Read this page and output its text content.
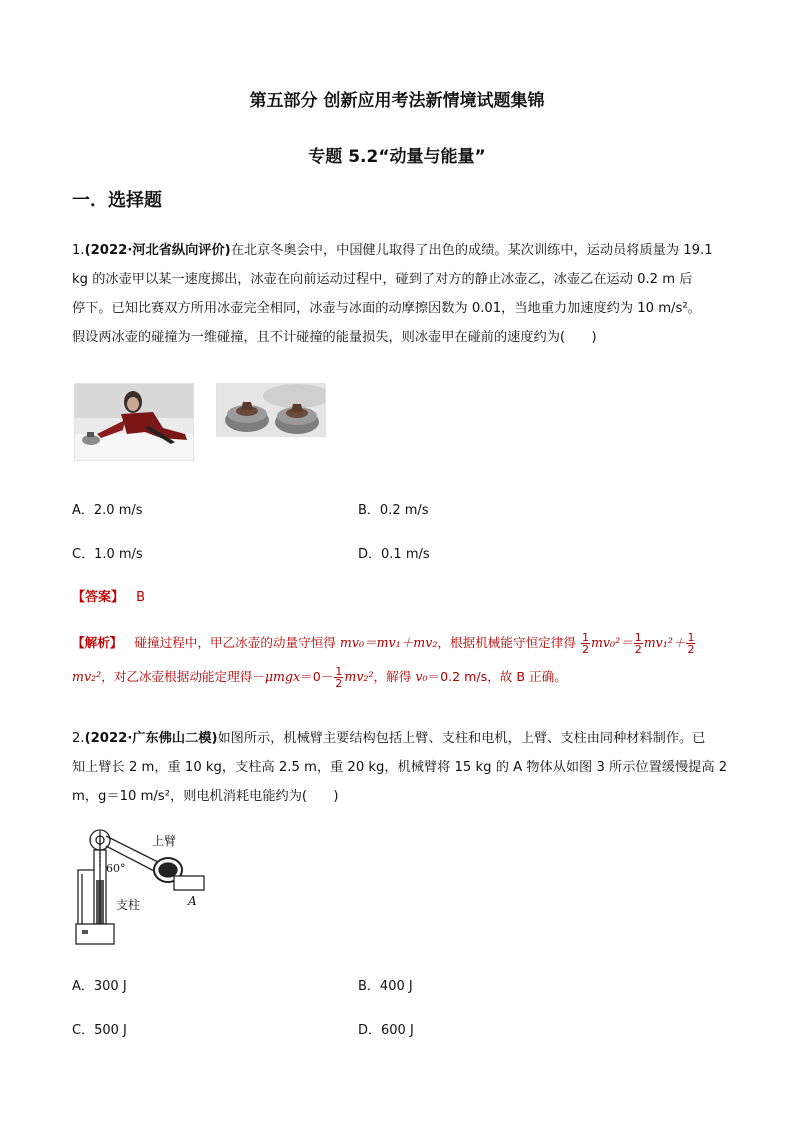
第五部分 创新应用考法新情境试题集锦
专题 5.2“动量与能量”
一．选择题
1.(2022·河北省纵向评价)在北京冬奥会中，中国健儿取得了出色的成绩。某次训练中，运动员将质量为 19.1
kg 的冰壶甲以某一速度掷出，冰壶在向前运动过程中，碰到了对方的静止冰壶乙，冰壶乙在运动 0.2 m 后
停下。已知比赛双方所用冰壶完全相同，冰壶与冰面的动摩擦因数为 0.01，当地重力加速度约为 10 m/s²。
假设两冰壶的碰撞为一维碰撞，且不计碰撞的能量损失，则冰壶甲在碰前的速度约为(　　)
A．2.0 m/s	B．0.2 m/s
C．1.0 m/s	D．0.1 m/s
【答案】 B
【解析】 碰撞过程中，甲乙冰壶的动量守恒得 mv₀＝mv₁＋mv₂，根据机械能守恒定律得 $\frac{1}{2} mv_0^2= \frac{1}{2} mv_1^2+ \frac{1}{2}$
mv₂²，对乙冰壶根据动能定理得$-\mu mgx=0- \frac{1}{2} mv_2^2$，解得 v₀＝0.2 m/s，故 B 正确。
2.(2022·广东佛山二模)如图所示，机械臂主要结构包括上臂、支柱和电机，上臂、支柱由同种材料制作。已
知上臂长 2 m，重 10 kg，支柱高 2.5 m，重 20 kg，机械臂将 15 kg 的 A 物体从如图 3 所示位置缓慢提高 2
m，g＝10 m/s²，则电机消耗电能约为(　　)
上臂
60°
支柱	A
A．300 J	B．400 J
C．500 J	D．600 J
